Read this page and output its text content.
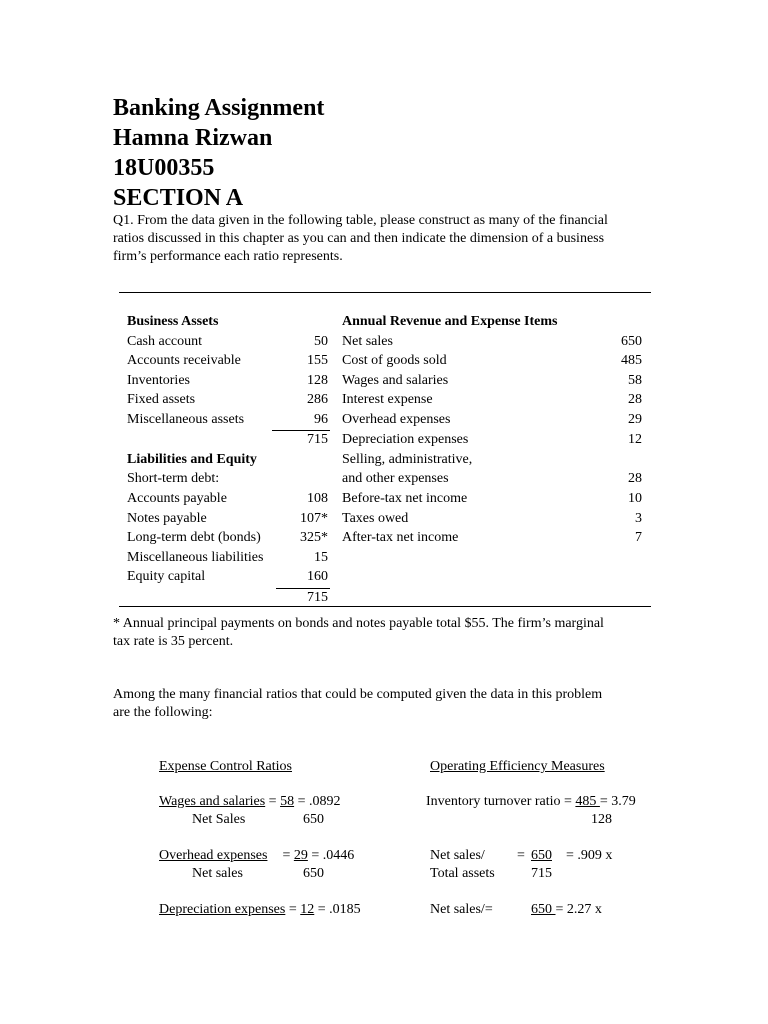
Banking Assignment
Hamna Rizwan
18U00355
SECTION A
Q1. From the data given in the following table, please construct as many of the financial
ratios discussed in this chapter as you can and then indicate the dimension of a business
firm’s performance each ratio represents.
Business Assets
Cash account	50
Accounts receivable	155
Inventories	128
Fixed assets	286
Miscellaneous assets	96
715
Liabilities and Equity
Short-term debt:
Accounts payable	108
Notes payable	107*
Long-term debt (bonds)	325*
Miscellaneous liabilities	15
Equity capital	160
715
Annual Revenue and Expense Items
Net sales	650
Cost of goods sold	485
Wages and salaries	58
Interest expense	28
Overhead expenses	29
Depreciation expenses	12
Selling, administrative,
and other expenses	28
Before-tax net income	10
Taxes owed	3
After-tax net income	7
* Annual principal payments on bonds and notes payable total $55. The firm’s marginal
tax rate is 35 percent.
Among the many financial ratios that could be computed given the data in this problem
are the following:
Expense Control Ratios	Operating Efficiency Measures
Wages and salaries = 58 = .0892
Net Sales	650
Inventory turnover ratio = 485 = 3.79
128
Overhead expenses = 29 = .0446
Net sales	650
Net sales/ = 650 = .909 x
Total assets	715
Depreciation expenses = 12 = .0185	Net sales/=	650 = 2.27 x
